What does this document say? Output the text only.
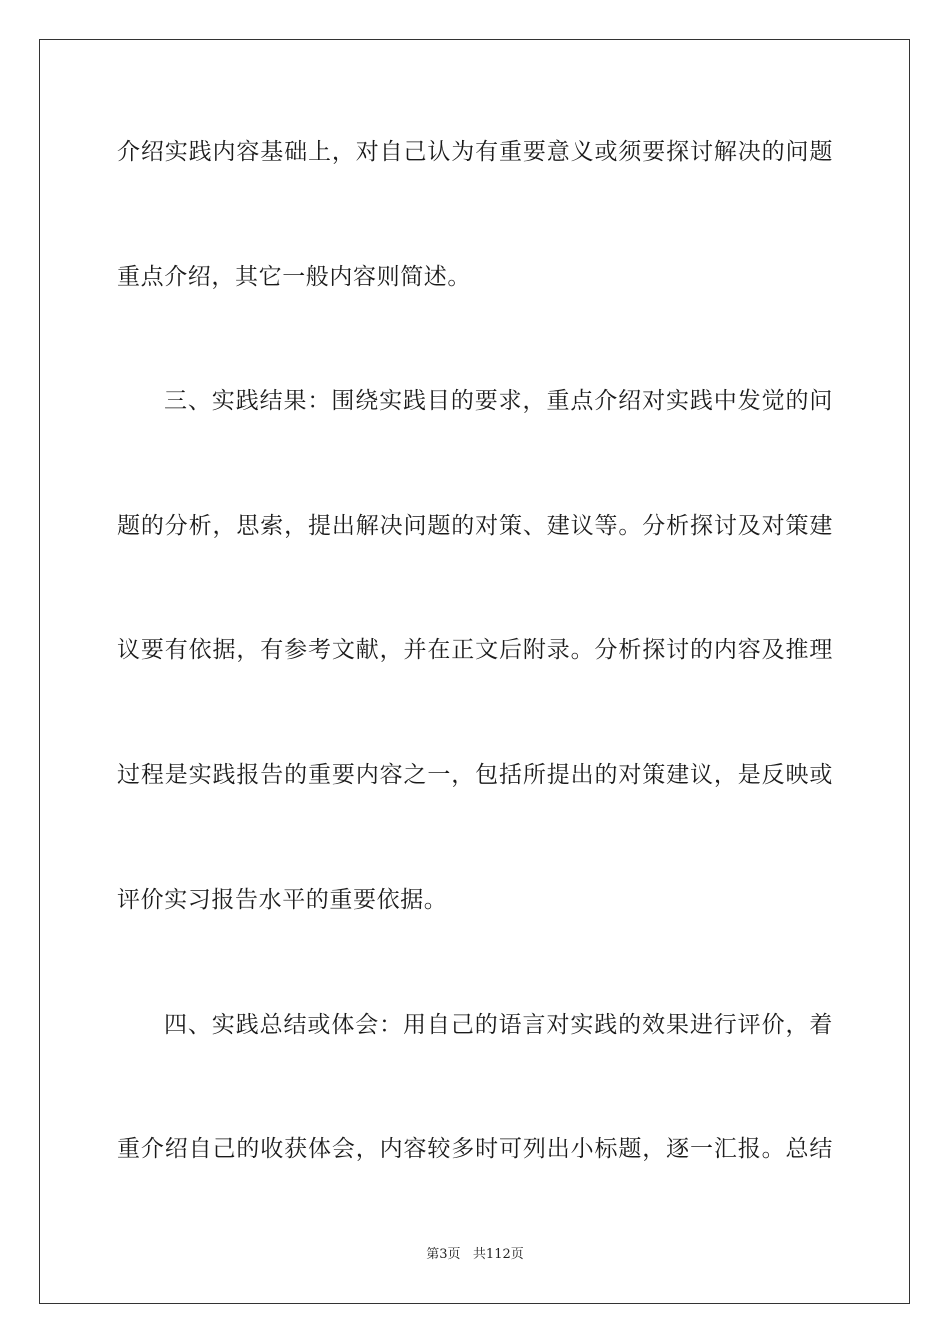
介绍实践内容基础上，对自己认为有重要意义或须要探讨解决的问题
重点介绍，其它一般内容则简述。
三、实践结果：围绕实践目的要求，重点介绍对实践中发觉的问
题的分析，思索，提出解决问题的对策、建议等。分析探讨及对策建
议要有依据，有参考文献，并在正文后附录。分析探讨的内容及推理
过程是实践报告的重要内容之一，包括所提出的对策建议，是反映或
评价实习报告水平的重要依据。
四、实践总结或体会：用自己的语言对实践的效果进行评价，着
重介绍自己的收获体会，内容较多时可列出小标题，逐一汇报。总结
第3页 共112页
